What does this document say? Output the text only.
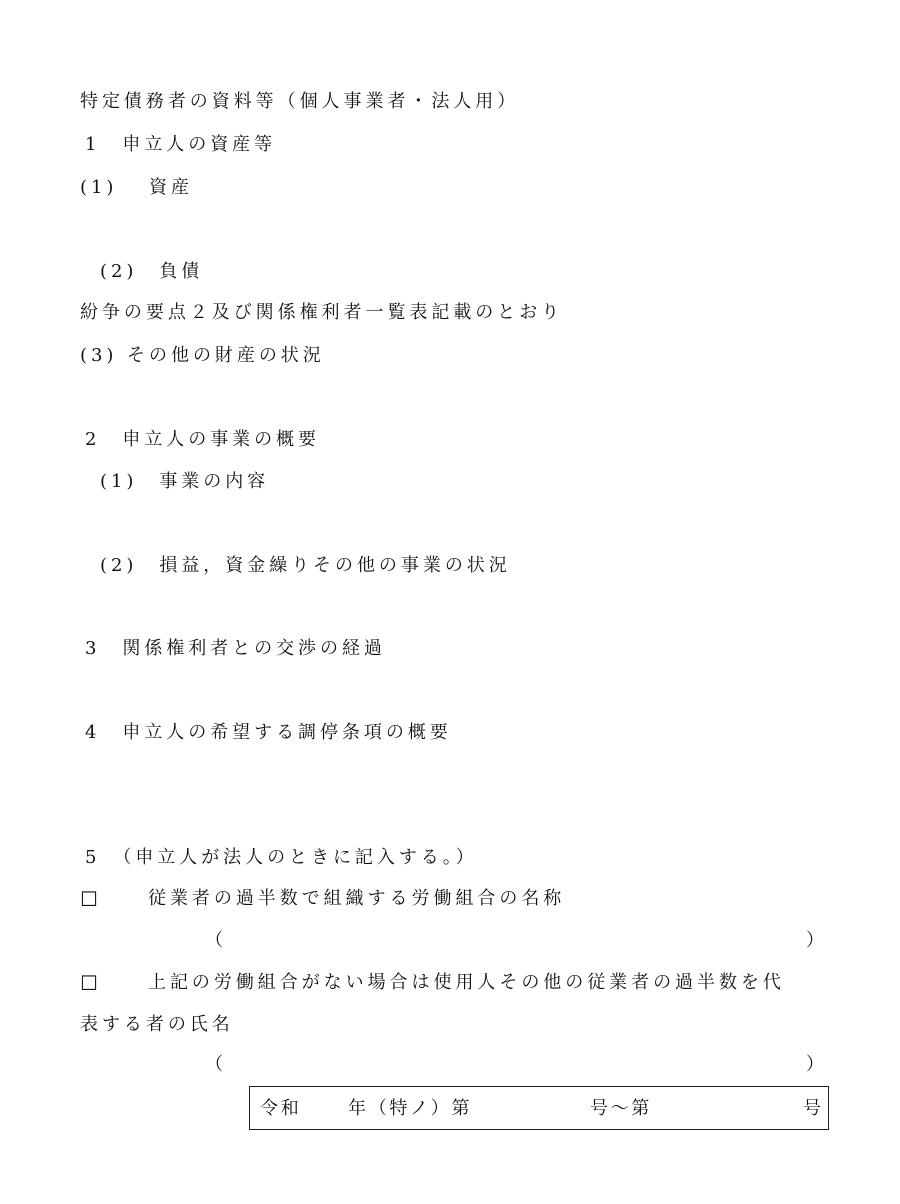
特定債務者の資料等（個人事業者・法人用）
1　申立人の資産等
(1)　 資産
(2)　負債
紛争の要点２及び関係権利者一覧表記載のとおり
(3) その他の財産の状況
2　申立人の事業の概要
(1)　事業の内容
(2)　損益，資金繰りその他の事業の状況
3　関係権利者との交渉の経過
4　申立人の希望する調停条項の概要
5　（申立人が法人のときに記入する。）
☐	従業者の過半数で組織する労働組合の名称
（	）
☐	上記の労働組合がない場合は使用人その他の従業者の過半数を代
表する者の氏名
（	）
令和	年（特ノ）第	号～第	号
